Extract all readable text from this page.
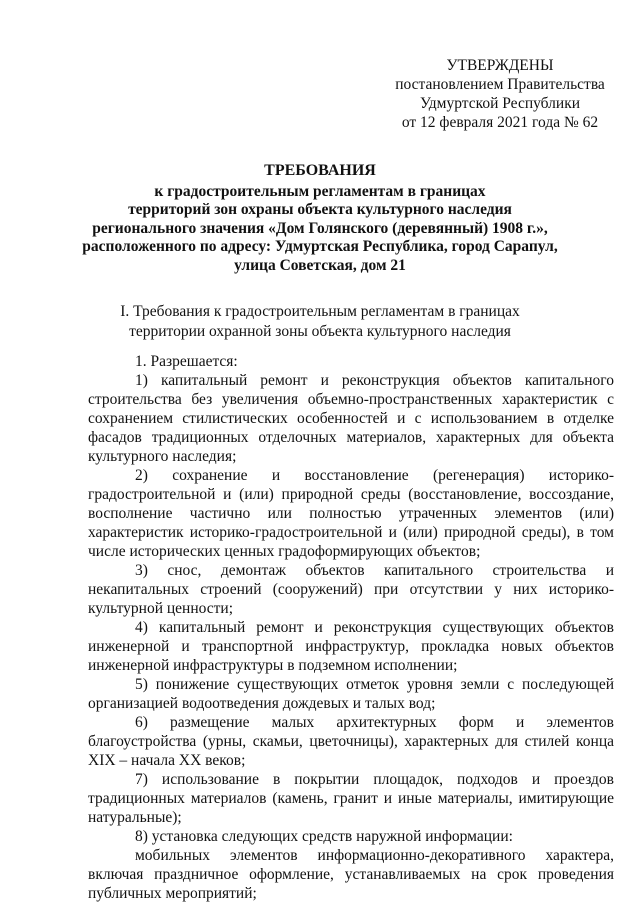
УТВЕРЖДЕНЫ
постановлением Правительства
Удмуртской Республики
от 12 февраля 2021 года № 62
ТРЕБОВАНИЯ
к градостроительным регламентам в границах
территорий зон охраны объекта культурного наследия
регионального значения «Дом Голянского (деревянный) 1908 г.»,
расположенного по адресу: Удмуртская Республика, город Сарапул,
улица Советская, дом 21
I. Требования к градостроительным регламентам в границах
территории охранной зоны объекта культурного наследия
1. Разрешается:
1) капитальный ремонт и реконструкция объектов капитального строительства без увеличения объемно-пространственных характеристик с сохранением стилистических особенностей и с использованием в отделке фасадов традиционных отделочных материалов, характерных для объекта культурного наследия;
2) сохранение и восстановление (регенерация) историко-градостроительной и (или) природной среды (восстановление, воссоздание, восполнение частично или полностью утраченных элементов (или) характеристик историко-градостроительной и (или) природной среды), в том числе исторических ценных градоформирующих объектов;
3) снос, демонтаж объектов капитального строительства и некапитальных строений (сооружений) при отсутствии у них историко-культурной ценности;
4) капитальный ремонт и реконструкция существующих объектов инженерной и транспортной инфраструктур, прокладка новых объектов инженерной инфраструктуры в подземном исполнении;
5) понижение существующих отметок уровня земли с последующей организацией водоотведения дождевых и талых вод;
6) размещение малых архитектурных форм и элементов благоустройства (урны, скамьи, цветочницы), характерных для стилей конца XIX – начала XX веков;
7) использование в покрытии площадок, подходов и проездов традиционных материалов (камень, гранит и иные материалы, имитирующие натуральные);
8) установка следующих средств наружной информации:
мобильных элементов информационно-декоративного характера, включая праздничное оформление, устанавливаемых на срок проведения публичных мероприятий;
